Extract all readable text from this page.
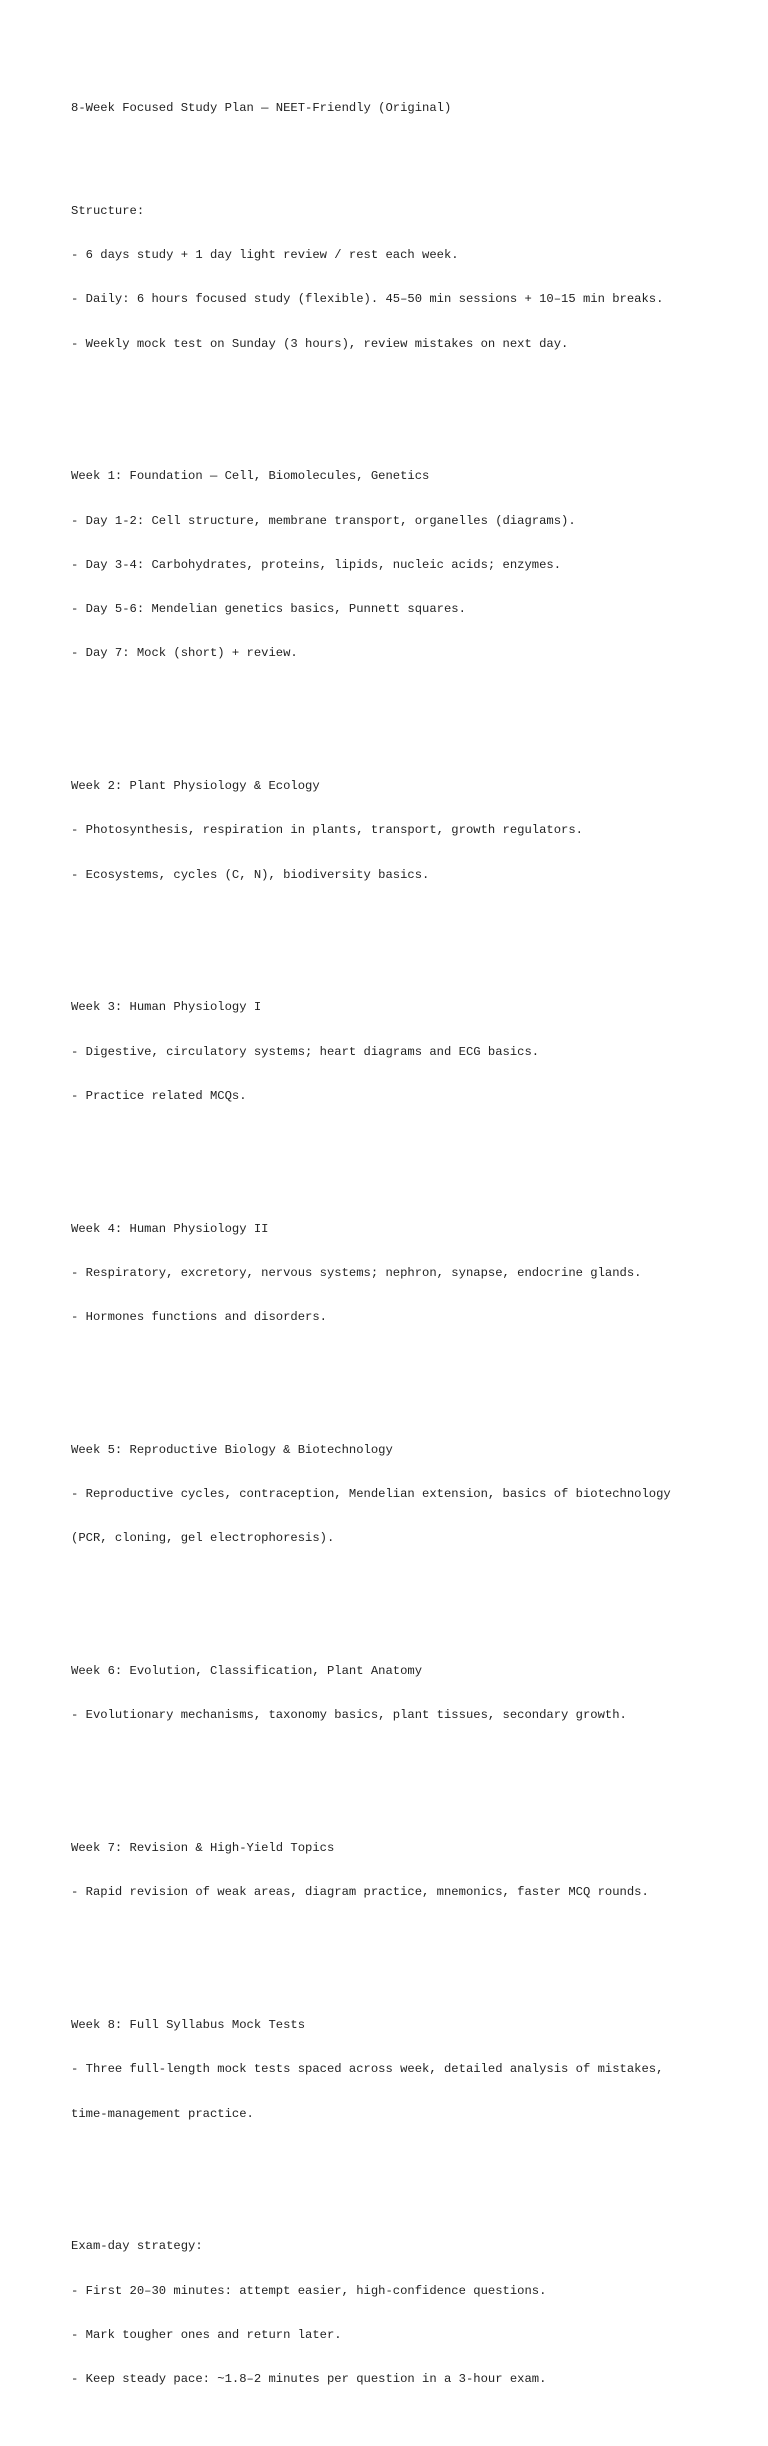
8-Week Focused Study Plan — NEET-Friendly (Original)

Structure:

- 6 days study + 1 day light review / rest each week.

- Daily: 6 hours focused study (flexible). 45–50 min sessions + 10–15 min breaks.

- Weekly mock test on Sunday (3 hours), review mistakes on next day.

Week 1: Foundation — Cell, Biomolecules, Genetics

- Day 1-2: Cell structure, membrane transport, organelles (diagrams).

- Day 3-4: Carbohydrates, proteins, lipids, nucleic acids; enzymes.

- Day 5-6: Mendelian genetics basics, Punnett squares.

- Day 7: Mock (short) + review.

Week 2: Plant Physiology & Ecology

- Photosynthesis, respiration in plants, transport, growth regulators.

- Ecosystems, cycles (C, N), biodiversity basics.

Week 3: Human Physiology I

- Digestive, circulatory systems; heart diagrams and ECG basics.

- Practice related MCQs.

Week 4: Human Physiology II

- Respiratory, excretory, nervous systems; nephron, synapse, endocrine glands.

- Hormones functions and disorders.

Week 5: Reproductive Biology & Biotechnology

- Reproductive cycles, contraception, Mendelian extension, basics of biotechnology

(PCR, cloning, gel electrophoresis).

Week 6: Evolution, Classification, Plant Anatomy

- Evolutionary mechanisms, taxonomy basics, plant tissues, secondary growth.

Week 7: Revision & High-Yield Topics

- Rapid revision of weak areas, diagram practice, mnemonics, faster MCQ rounds.

Week 8: Full Syllabus Mock Tests

- Three full-length mock tests spaced across week, detailed analysis of mistakes,

time-management practice.

Exam-day strategy:

- First 20–30 minutes: attempt easier, high-confidence questions.

- Mark tougher ones and return later.

- Keep steady pace: ~1.8–2 minutes per question in a 3-hour exam.
